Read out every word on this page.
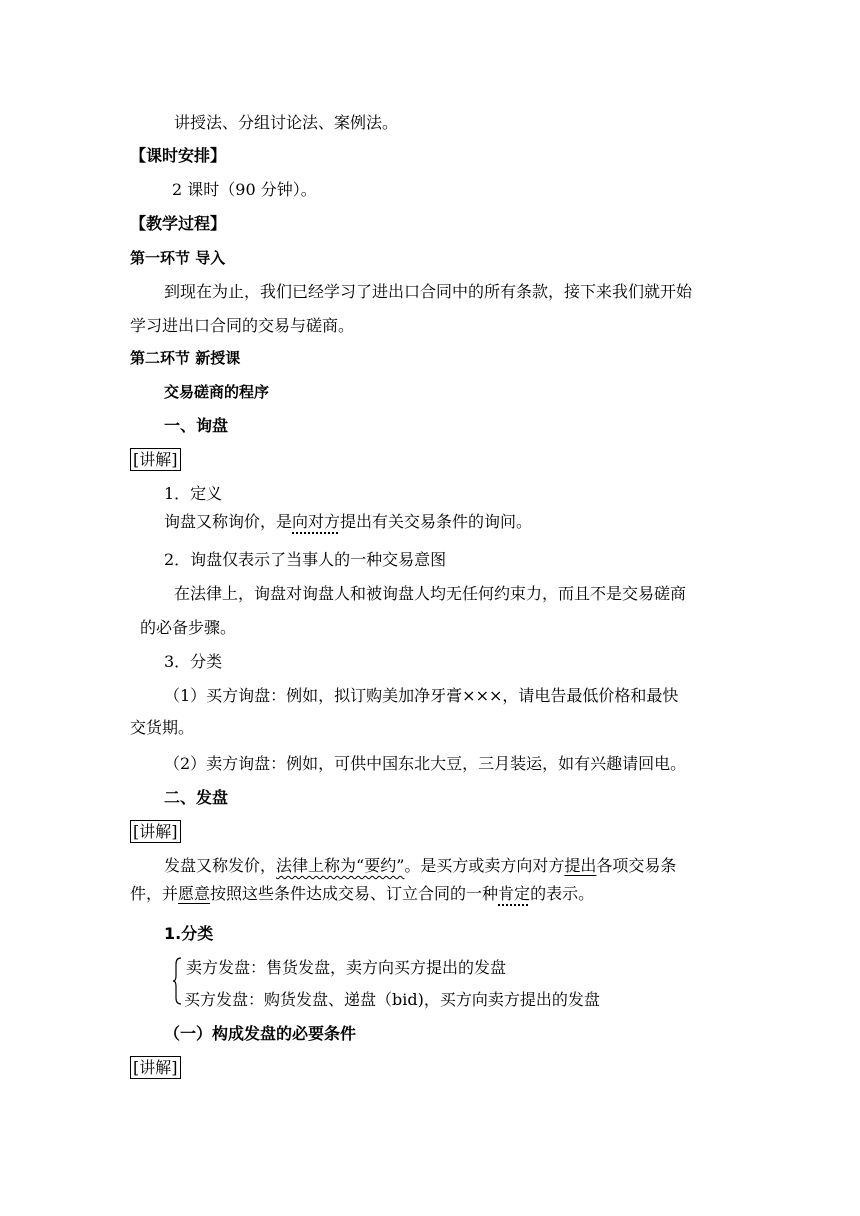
讲授法、分组讨论法、案例法。
【课时安排】
2 课时（90 分钟）。
【教学过程】
第一环节 导入
到现在为止，我们已经学习了进出口合同中的所有条款，接下来我们就开始
学习进出口合同的交易与磋商。
第二环节 新授课
交易磋商的程序
一、询盘
[讲解]
1．定义
询盘又称询价，是向对方提出有关交易条件的询问。
2．询盘仅表示了当事人的一种交易意图
在法律上，询盘对询盘人和被询盘人均无任何约束力，而且不是交易磋商
的必备步骤。
3．分类
（1）买方询盘：例如，拟订购美加净牙膏×××，请电告最低价格和最快
交货期。
（2）卖方询盘：例如，可供中国东北大豆，三月装运，如有兴趣请回电。
二、发盘
[讲解]
发盘又称发价，法律上称为“要约”。是买方或卖方向对方提出各项交易条
件，并愿意按照这些条件达成交易、订立合同的一种肯定的表示。
1.分类
卖方发盘：售货发盘，卖方向买方提出的发盘
买方发盘：购货发盘、递盘（bid)，买方向卖方提出的发盘
（一）构成发盘的必要条件
[讲解]
